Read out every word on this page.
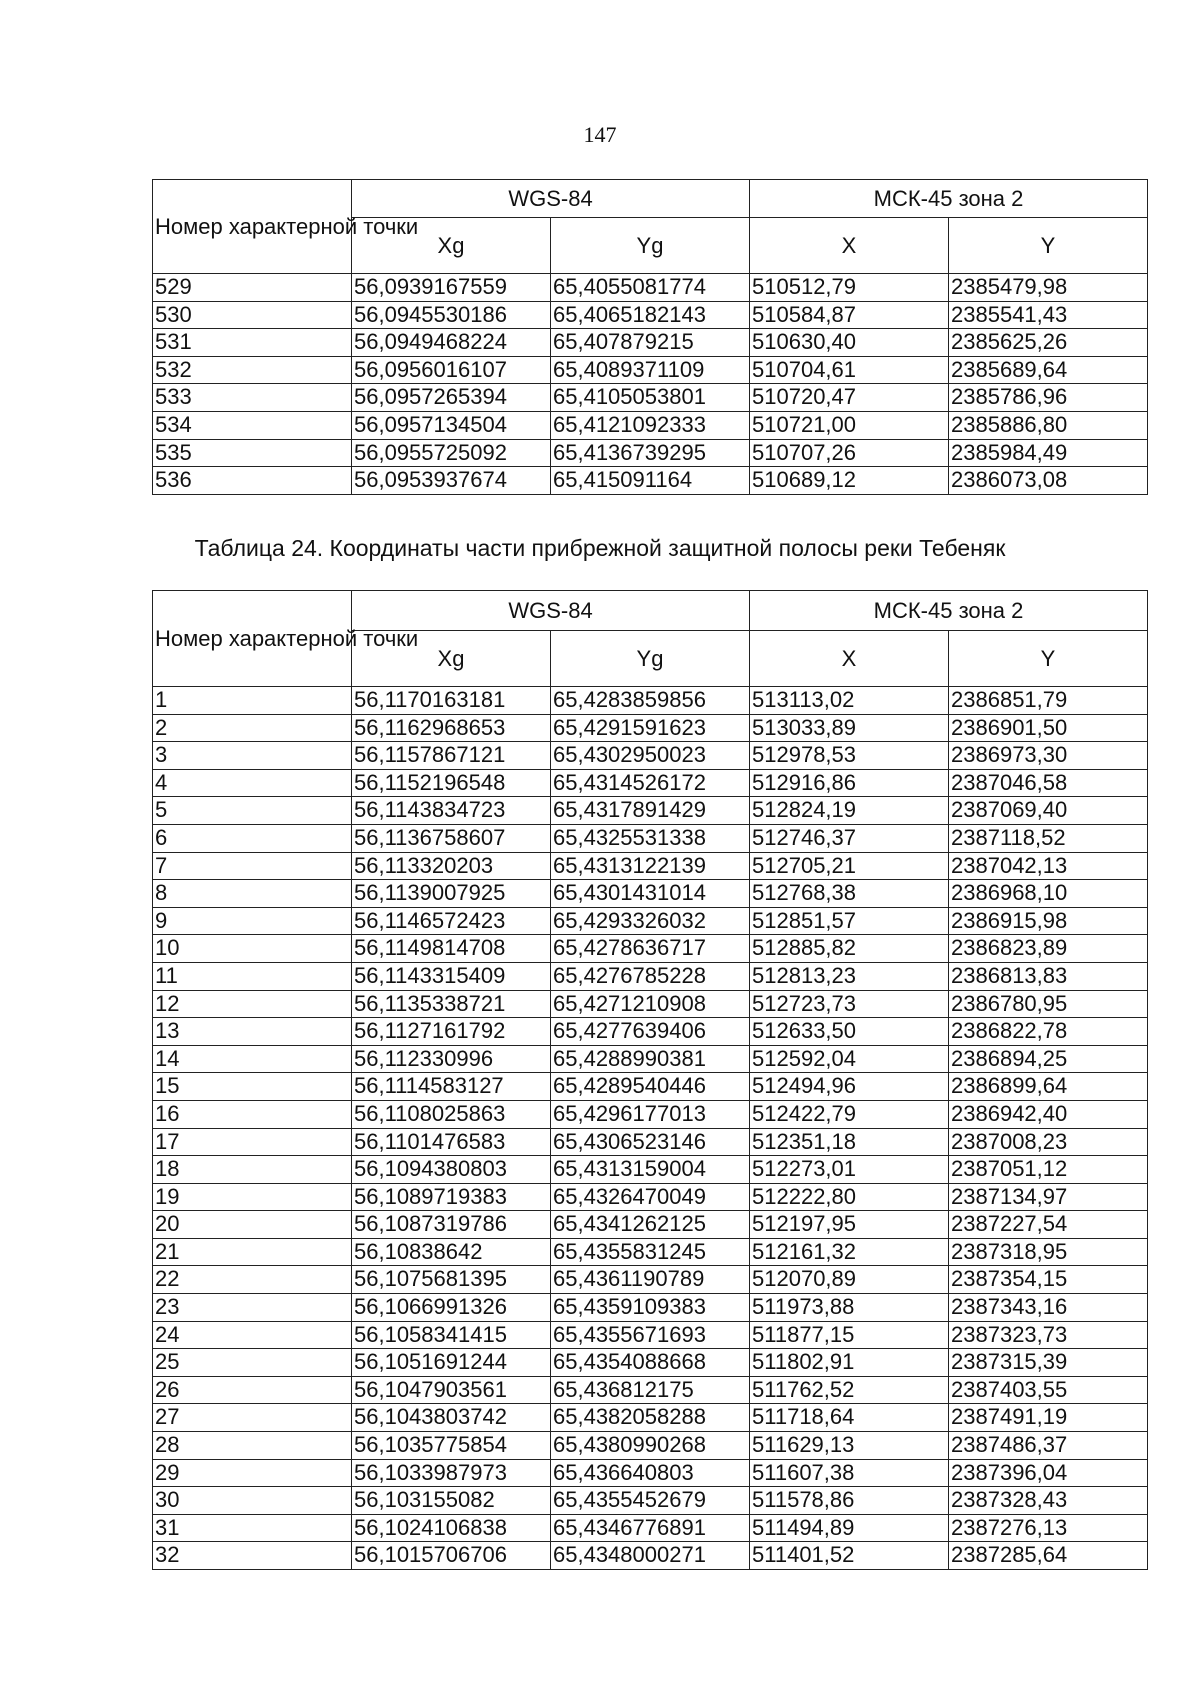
147
Номер характерной точки	WGS-84		МСК-45 зона 2	
	Xg	Yg	X	Y
529	56,0939167559	65,4055081774	510512,79	2385479,98
530	56,0945530186	65,4065182143	510584,87	2385541,43
531	56,0949468224	65,407879215	510630,40	2385625,26
532	56,0956016107	65,4089371109	510704,61	2385689,64
533	56,0957265394	65,4105053801	510720,47	2385786,96
534	56,0957134504	65,4121092333	510721,00	2385886,80
535	56,0955725092	65,4136739295	510707,26	2385984,49
536	56,0953937674	65,415091164	510689,12	2386073,08
Таблица 24. Координаты части прибрежной защитной полосы реки Тебеняк
Номер характерной точки	WGS-84		МСК-45 зона 2	
	Xg	Yg	X	Y
1	56,1170163181	65,4283859856	513113,02	2386851,79
2	56,1162968653	65,4291591623	513033,89	2386901,50
3	56,1157867121	65,4302950023	512978,53	2386973,30
4	56,1152196548	65,4314526172	512916,86	2387046,58
5	56,1143834723	65,4317891429	512824,19	2387069,40
6	56,1136758607	65,4325531338	512746,37	2387118,52
7	56,113320203	65,4313122139	512705,21	2387042,13
8	56,1139007925	65,4301431014	512768,38	2386968,10
9	56,1146572423	65,4293326032	512851,57	2386915,98
10	56,1149814708	65,4278636717	512885,82	2386823,89
11	56,1143315409	65,4276785228	512813,23	2386813,83
12	56,1135338721	65,4271210908	512723,73	2386780,95
13	56,1127161792	65,4277639406	512633,50	2386822,78
14	56,112330996	65,4288990381	512592,04	2386894,25
15	56,1114583127	65,4289540446	512494,96	2386899,64
16	56,1108025863	65,4296177013	512422,79	2386942,40
17	56,1101476583	65,4306523146	512351,18	2387008,23
18	56,1094380803	65,4313159004	512273,01	2387051,12
19	56,1089719383	65,4326470049	512222,80	2387134,97
20	56,1087319786	65,4341262125	512197,95	2387227,54
21	56,10838642	65,4355831245	512161,32	2387318,95
22	56,1075681395	65,4361190789	512070,89	2387354,15
23	56,1066991326	65,4359109383	511973,88	2387343,16
24	56,1058341415	65,4355671693	511877,15	2387323,73
25	56,1051691244	65,4354088668	511802,91	2387315,39
26	56,1047903561	65,436812175	511762,52	2387403,55
27	56,1043803742	65,4382058288	511718,64	2387491,19
28	56,1035775854	65,4380990268	511629,13	2387486,37
29	56,1033987973	65,436640803	511607,38	2387396,04
30	56,103155082	65,4355452679	511578,86	2387328,43
31	56,1024106838	65,4346776891	511494,89	2387276,13
32	56,1015706706	65,4348000271	511401,52	2387285,64
